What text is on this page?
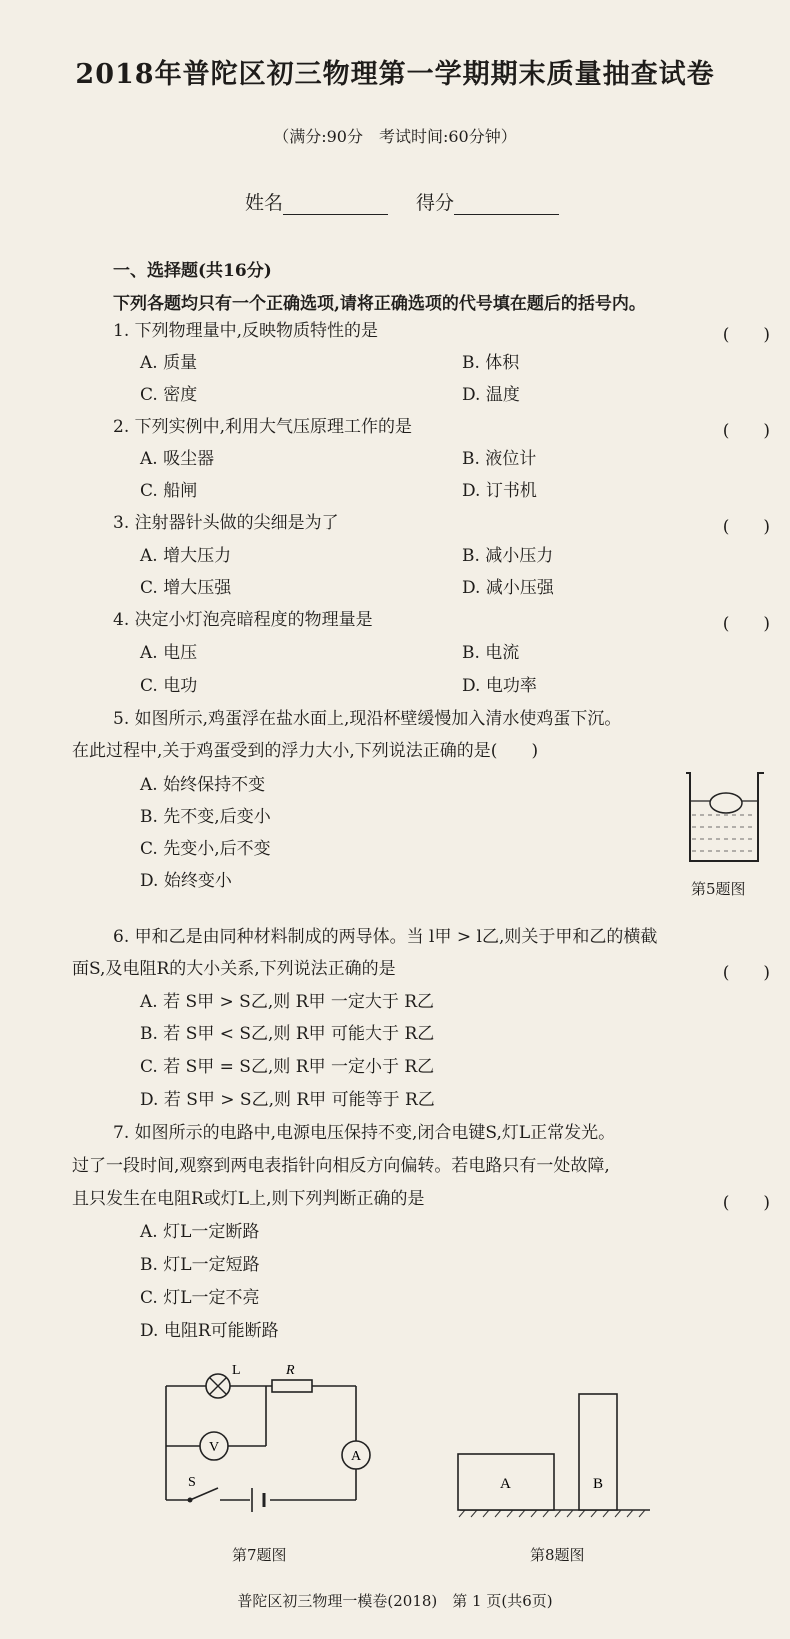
2018年普陀区初三物理第一学期期末质量抽查试卷
（满分:90分　考试时间:60分钟）
姓名	得分
一、选择题(共16分)
下列各题均只有一个正确选项,请将正确选项的代号填在题后的括号内。
1. 下列物理量中,反映物质特性的是	(　　)
A. 质量	B. 体积
C. 密度	D. 温度
2. 下列实例中,利用大气压原理工作的是	(　　)
A. 吸尘器	B. 液位计
C. 船闸	D. 订书机
3. 注射器针头做的尖细是为了	(　　)
A. 增大压力	B. 减小压力
C. 增大压强	D. 减小压强
4. 决定小灯泡亮暗程度的物理量是	(　　)
A. 电压	B. 电流
C. 电功	D. 电功率
5. 如图所示,鸡蛋浮在盐水面上,现沿杯壁缓慢加入清水使鸡蛋下沉。
在此过程中,关于鸡蛋受到的浮力大小,下列说法正确的是(　　)
A. 始终保持不变
B. 先不变,后变小
C. 先变小,后不变
D. 始终变小	第5题图
6. 甲和乙是由同种材料制成的两导体。当 l甲 > l乙,则关于甲和乙的横截
面S,及电阻R的大小关系,下列说法正确的是	(　　)
A. 若 S甲 > S乙,则 R甲 一定大于 R乙
B. 若 S甲 < S乙,则 R甲 可能大于 R乙
C. 若 S甲 = S乙,则 R甲 一定小于 R乙
D. 若 S甲 > S乙,则 R甲 可能等于 R乙
7. 如图所示的电路中,电源电压保持不变,闭合电键S,灯L正常发光。
过了一段时间,观察到两电表指针向相反方向偏转。若电路只有一处故障,
且只发生在电阻R或灯L上,则下列判断正确的是	(　　)
A. 灯L一定断路
B. 灯L一定短路
C. 灯L一定不亮
D. 电阻R可能断路
L	R
V
A
S
第7题图
A	B
第8题图
普陀区初三物理一模卷(2018)　第 1 页(共6页)
